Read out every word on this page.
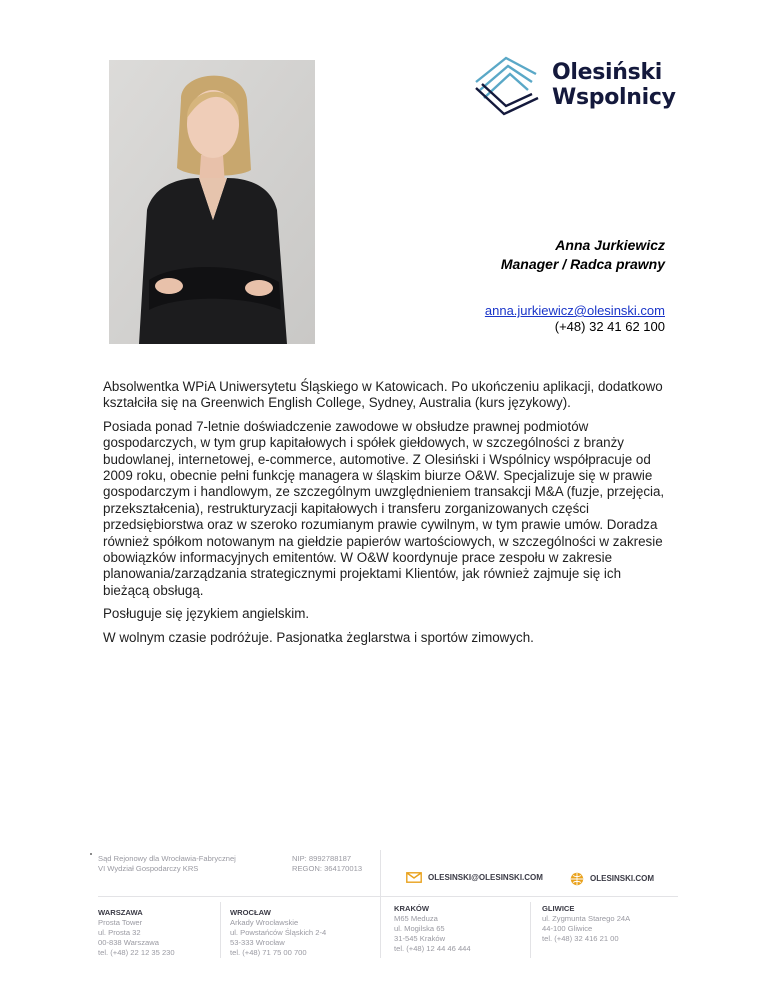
Olesiński
Wspolnicy
Anna Jurkiewicz
Manager / Radca prawny
anna.jurkiewicz@olesinski.com
(+48) 32 41 62 100

Absolwentka WPiA Uniwersytetu Śląskiego w Katowicach. Po ukończeniu aplikacji, dodatkowo kształciła się na Greenwich English College, Sydney, Australia (kurs językowy).

Posiada ponad 7-letnie doświadczenie zawodowe w obsłudze prawnej podmiotów gospodarczych, w tym grup kapitałowych i spółek giełdowych, w szczególności z branży budowlanej, internetowej, e-commerce, automotive. Z Olesiński i Wspólnicy współpracuje od 2009 roku, obecnie pełni funkcję managera w śląskim biurze O&W. Specjalizuje się w prawie gospodarczym i handlowym, ze szczególnym uwzględnieniem transakcji M&A (fuzje, przejęcia, przekształcenia), restrukturyzacji kapitałowych i transferu zorganizowanych części przedsiębiorstwa oraz w szeroko rozumianym prawie cywilnym, w tym prawie umów. Doradza również spółkom notowanym na giełdzie papierów wartościowych, w szczególności w zakresie obowiązków informacyjnych emitentów. W O&W koordynuje prace zespołu w zakresie planowania/zarządzania strategicznymi projektami Klientów, jak również zajmuje się ich bieżącą obsługą.

Posługuje się językiem angielskim.

W wolnym czasie podróżuje. Pasjonatka żeglarstwa i sportów zimowych.

Sąd Rejonowy dla Wrocławia-Fabrycznej
VI Wydział Gospodarczy KRS
NIP: 8992788187
REGON: 364170013
OLESINSKI@OLESINSKI.COM	OLESINSKI.COM
WARSZAWA
Prosta Tower
ul. Prosta 32
00-838 Warszawa
tel. (+48) 22 12 35 230
WROCŁAW
Arkady Wrocławskie
ul. Powstańców Śląskich 2-4
53-333 Wrocław
tel. (+48) 71 75 00 700
KRAKÓW
M65 Meduza
ul. Mogilska 65
31-545 Kraków
tel. (+48) 12 44 46 444
GLIWICE
ul. Zygmunta Starego 24A
44-100 Gliwice
tel. (+48) 32 416 21 00
